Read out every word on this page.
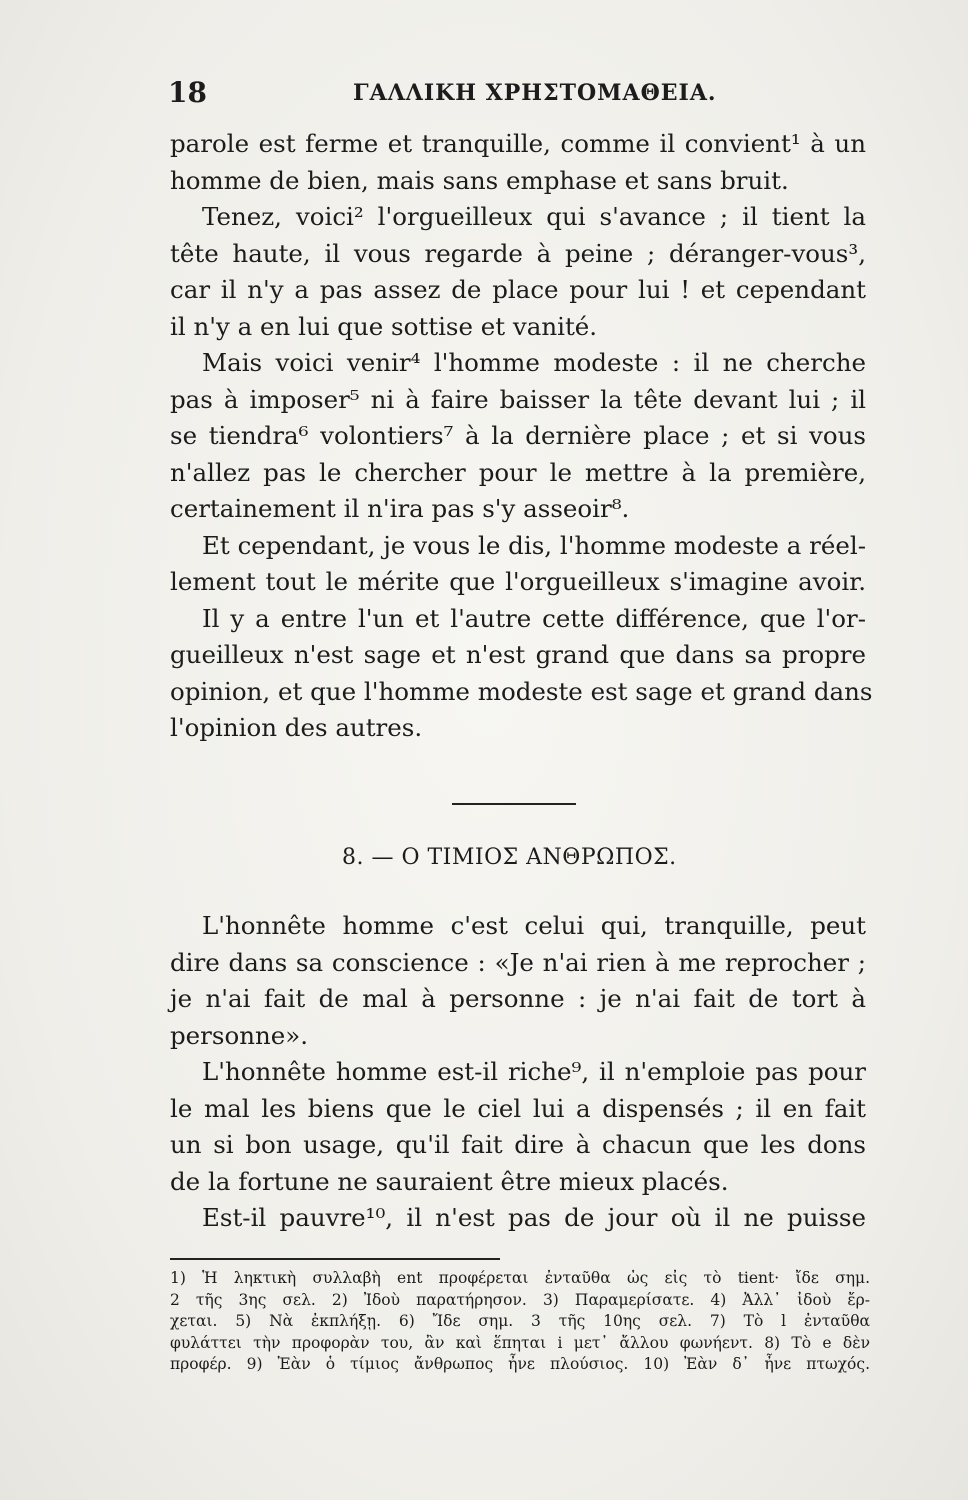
18	ΓΑΛΛΙΚΗ ΧΡΗΣΤΟΜΑΘΕΙΑ.
parole est ferme et tranquille, comme il convient¹ à un
homme de bien, mais sans emphase et sans bruit.
Tenez, voici² l'orgueilleux qui s'avance ; il tient la
tête haute, il vous regarde à peine ; déranger-vous³,
car il n'y a pas assez de place pour lui ! et cependant
il n'y a en lui que sottise et vanité.
Mais voici venir⁴ l'homme modeste : il ne cherche
pas à imposer⁵ ni à faire baisser la tête devant lui ; il
se tiendra⁶ volontiers⁷ à la dernière place ; et si vous
n'allez pas le chercher pour le mettre à la première,
certainement il n'ira pas s'y asseoir⁸.
Et cependant, je vous le dis, l'homme modeste a réel-
lement tout le mérite que l'orgueilleux s'imagine avoir.
Il y a entre l'un et l'autre cette différence, que l'or-
gueilleux n'est sage et n'est grand que dans sa propre
opinion, et que l'homme modeste est sage et grand dans
l'opinion des autres.
8. — Ο ΤΙΜΙΟΣ ΑΝΘΡΩΠΟΣ.
L'honnête homme c'est celui qui, tranquille, peut
dire dans sa conscience : «Je n'ai rien à me reprocher ;
je n'ai fait de mal à personne : je n'ai fait de tort à
personne».
L'honnête homme est-il riche⁹, il n'emploie pas pour
le mal les biens que le ciel lui a dispensés ; il en fait
un si bon usage, qu'il fait dire à chacun que les dons
de la fortune ne sauraient être mieux placés.
Est-il pauvre¹⁰, il n'est pas de jour où il ne puisse
1) Ἡ ληκτικὴ συλλαβὴ ent προφέρεται ἐνταῦθα ὡς εἰς τὸ tient· ἴδε σημ.
2 τῆς 3ης σελ. 2) Ἰδοὺ παρατήρησον. 3) Παραμερίσατε. 4) Ἀλλ᾽ ἰδοὺ ἔρ-
χεται. 5) Νὰ ἐκπλήξῃ. 6) Ἴδε σημ. 3 τῆς 10ης σελ. 7) Τὸ l ἐνταῦθα
φυλάττει τὴν προφορὰν του, ἂν καὶ ἕπηται i μετ᾽ ἄλλου φωνήεντ. 8) Τὸ e δὲν
προφέρ. 9) Ἐὰν ὁ τίμιος ἄνθρωπος ἦνε πλούσιος. 10) Ἐὰν δ᾽ ἦνε πτωχός.
